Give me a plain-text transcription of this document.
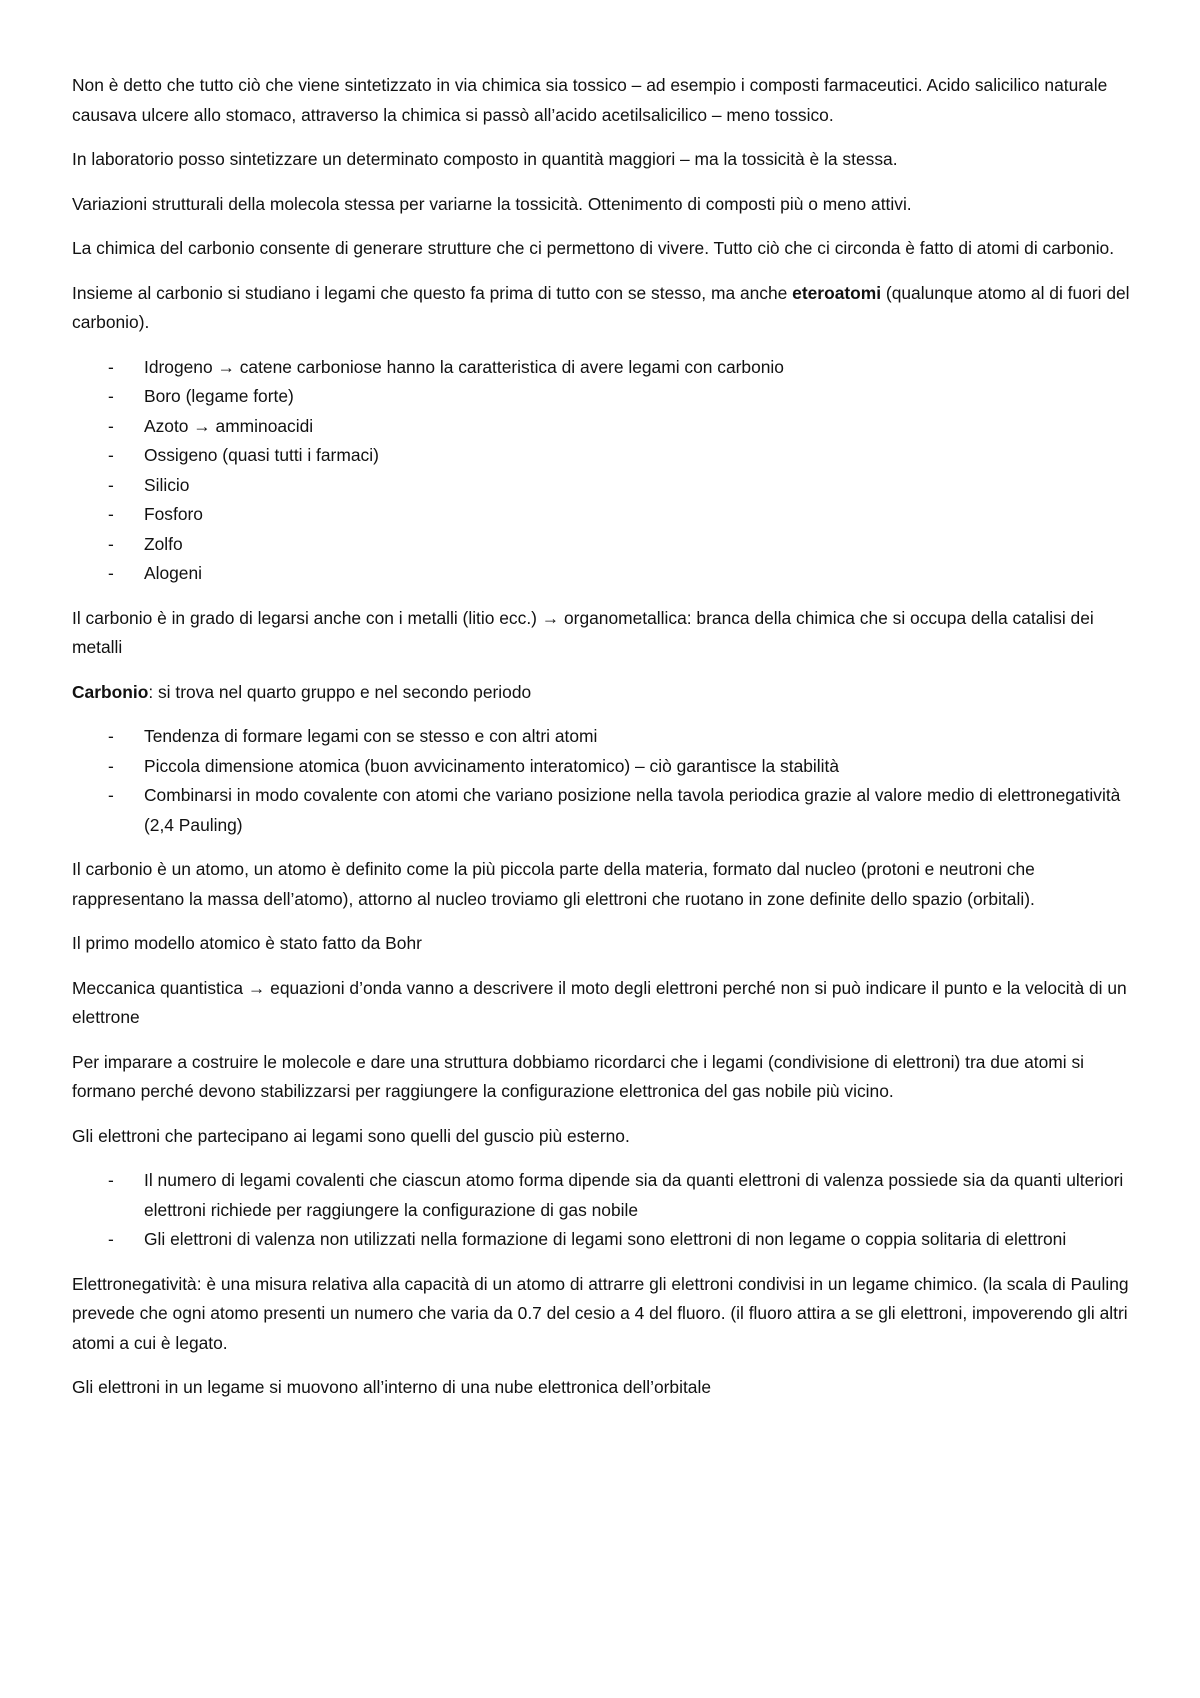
Non è detto che tutto ciò che viene sintetizzato in via chimica sia tossico – ad esempio i composti farmaceutici. Acido salicilico naturale causava ulcere allo stomaco, attraverso la chimica si passò all’acido acetilsalicilico – meno tossico.

In laboratorio posso sintetizzare un determinato composto in quantità maggiori – ma la tossicità è la stessa.

Variazioni strutturali della molecola stessa per variarne la tossicità. Ottenimento di composti più o meno attivi.

La chimica del carbonio consente di generare strutture che ci permettono di vivere. Tutto ciò che ci circonda è fatto di atomi di carbonio.

Insieme al carbonio si studiano i legami che questo fa prima di tutto con se stesso, ma anche eteroatomi (qualunque atomo al di fuori del carbonio).

- Idrogeno → catene carboniose hanno la caratteristica di avere legami con carbonio
- Boro (legame forte)
- Azoto → amminoacidi
- Ossigeno (quasi tutti i farmaci)
- Silicio
- Fosforo
- Zolfo
- Alogeni

Il carbonio è in grado di legarsi anche con i metalli (litio ecc.) → organometallica: branca della chimica che si occupa della catalisi dei metalli

Carbonio: si trova nel quarto gruppo e nel secondo periodo

- Tendenza di formare legami con se stesso e con altri atomi
- Piccola dimensione atomica (buon avvicinamento interatomico) – ciò garantisce la stabilità
- Combinarsi in modo covalente con atomi che variano posizione nella tavola periodica grazie al valore medio di elettronegatività (2,4 Pauling)

Il carbonio è un atomo, un atomo è definito come la più piccola parte della materia, formato dal nucleo (protoni e neutroni che rappresentano la massa dell’atomo), attorno al nucleo troviamo gli elettroni che ruotano in zone definite dello spazio (orbitali).

Il primo modello atomico è stato fatto da Bohr

Meccanica quantistica → equazioni d’onda vanno a descrivere il moto degli elettroni perché non si può indicare il punto e la velocità di un elettrone

Per imparare a costruire le molecole e dare una struttura dobbiamo ricordarci che i legami (condivisione di elettroni) tra due atomi si formano perché devono stabilizzarsi per raggiungere la configurazione elettronica del gas nobile più vicino.

Gli elettroni che partecipano ai legami sono quelli del guscio più esterno.

- Il numero di legami covalenti che ciascun atomo forma dipende sia da quanti elettroni di valenza possiede sia da quanti ulteriori elettroni richiede per raggiungere la configurazione di gas nobile
- Gli elettroni di valenza non utilizzati nella formazione di legami sono elettroni di non legame o coppia solitaria di elettroni

Elettronegatività: è una misura relativa alla capacità di un atomo di attrarre gli elettroni condivisi in un legame chimico. (la scala di Pauling prevede che ogni atomo presenti un numero che varia da 0.7 del cesio a 4 del fluoro. (il fluoro attira a se gli elettroni, impoverendo gli altri atomi a cui è legato.

Gli elettroni in un legame si muovono all’interno di una nube elettronica dell’orbitale
